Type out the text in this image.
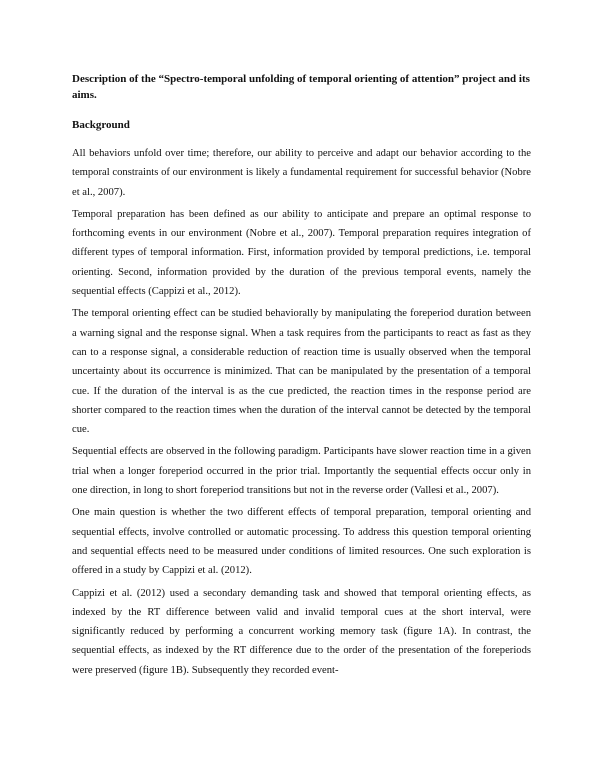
Description of the “Spectro-temporal unfolding of temporal orienting of attention” project and its aims.

Background

All behaviors unfold over time; therefore, our ability to perceive and adapt our behavior according to the temporal constraints of our environment is likely a fundamental requirement for successful behavior (Nobre et al., 2007).

Temporal preparation has been defined as our ability to anticipate and prepare an optimal response to forthcoming events in our environment (Nobre et al., 2007). Temporal preparation requires integration of different types of temporal information. First, information provided by temporal predictions, i.e. temporal orienting. Second, information provided by the duration of the previous temporal events, namely the sequential effects (Cappizi et al., 2012).

The temporal orienting effect can be studied behaviorally by manipulating the foreperiod duration between a warning signal and the response signal. When a task requires from the participants to react as fast as they can to a response signal, a considerable reduction of reaction time is usually observed when the temporal uncertainty about its occurrence is minimized. That can be manipulated by the presentation of a temporal cue. If the duration of the interval is as the cue predicted, the reaction times in the response period are shorter compared to the reaction times when the duration of the interval cannot be detected by the temporal cue.

Sequential effects are observed in the following paradigm. Participants have slower reaction time in a given trial when a longer foreperiod occurred in the prior trial. Importantly the sequential effects occur only in one direction, in long to short foreperiod transitions but not in the reverse order (Vallesi et al., 2007).

One main question is whether the two different effects of temporal preparation, temporal orienting and sequential effects, involve controlled or automatic processing. To address this question temporal orienting and sequential effects need to be measured under conditions of limited resources. One such exploration is offered in a study by Cappizi et al. (2012).

Cappizi et al. (2012) used a secondary demanding task and showed that temporal orienting effects, as indexed by the RT difference between valid and invalid temporal cues at the short interval, were significantly reduced by performing a concurrent working memory task (figure 1A). In contrast, the sequential effects, as indexed by the RT difference due to the order of the presentation of the foreperiods were preserved (figure 1B). Subsequently they recorded event-
